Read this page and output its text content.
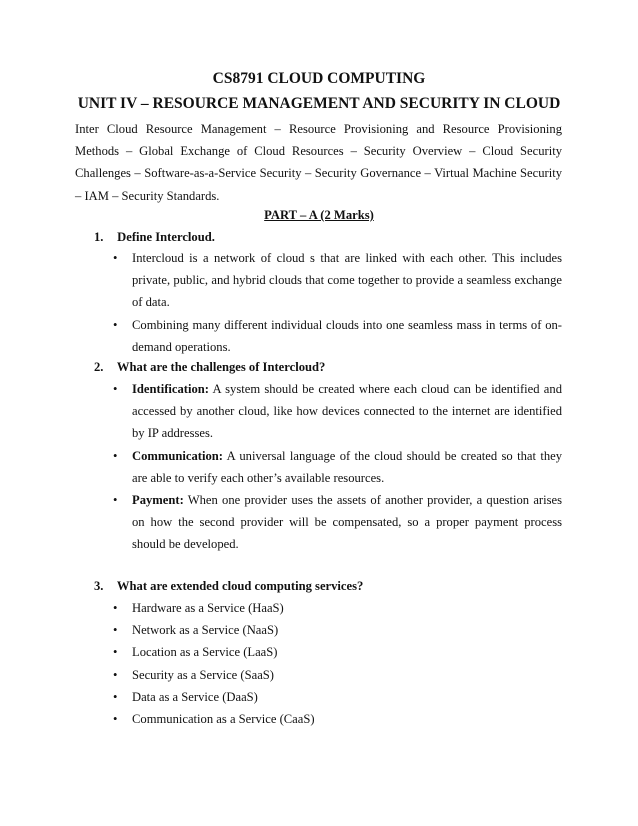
CS8791 CLOUD COMPUTING
UNIT IV – RESOURCE MANAGEMENT AND SECURITY IN CLOUD

Inter Cloud Resource Management – Resource Provisioning and Resource Provisioning Methods – Global Exchange of Cloud Resources – Security Overview – Cloud Security Challenges – Software-as-a-Service Security – Security Governance – Virtual Machine Security – IAM – Security Standards.

PART – A (2 Marks)
1. Define Intercloud.
• Intercloud is a network of cloud s that are linked with each other. This includes private, public, and hybrid clouds that come together to provide a seamless exchange of data.
• Combining many different individual clouds into one seamless mass in terms of on-demand operations.
2. What are the challenges of Intercloud?
• Identification: A system should be created where each cloud can be identified and accessed by another cloud, like how devices connected to the internet are identified by IP addresses.
• Communication: A universal language of the cloud should be created so that they are able to verify each other’s available resources.
• Payment: When one provider uses the assets of another provider, a question arises on how the second provider will be compensated, so a proper payment process should be developed.
3. What are extended cloud computing services?
• Hardware as a Service (HaaS)
• Network as a Service (NaaS)
• Location as a Service (LaaS)
• Security as a Service (SaaS)
• Data as a Service (DaaS)
• Communication as a Service (CaaS)
